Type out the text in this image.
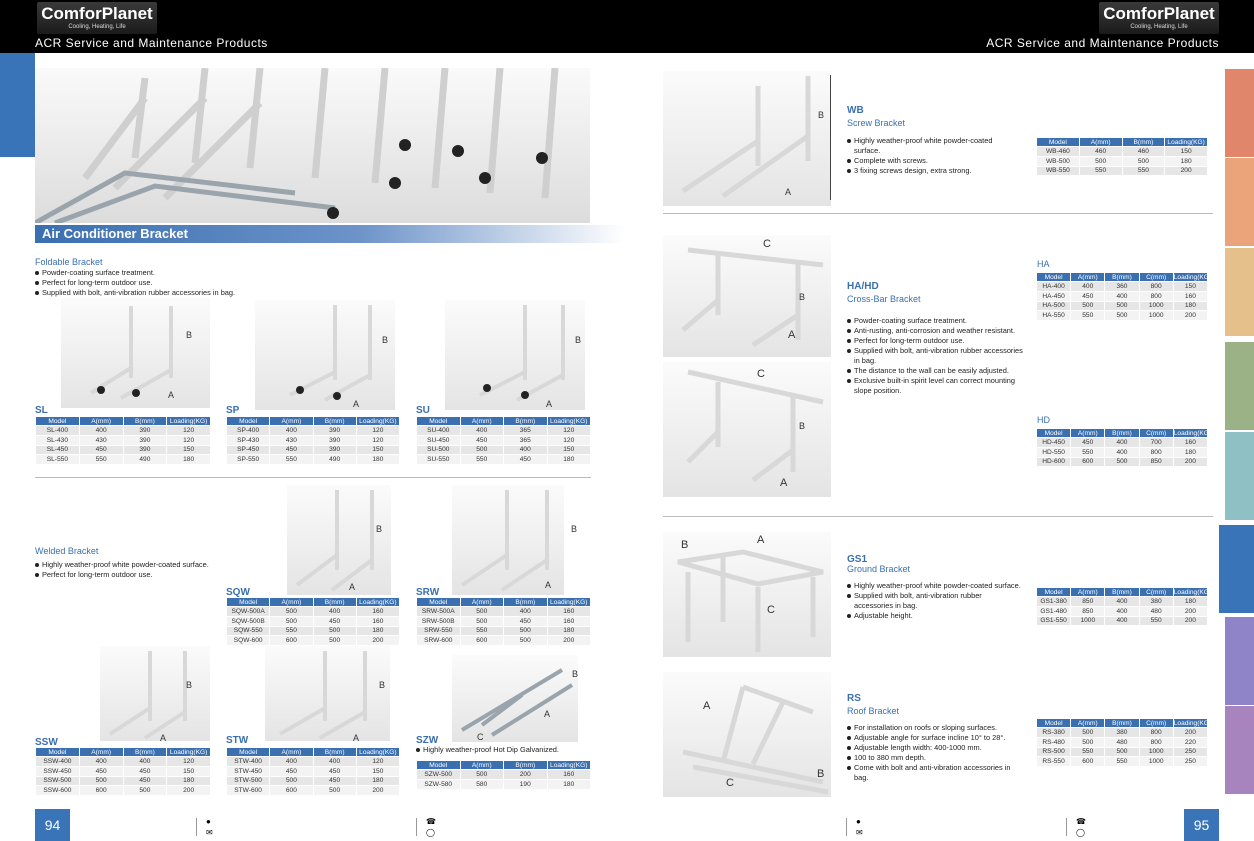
ComforPlanet
Cooling, Heating, Life
ComforPlanet
Cooling, Heating, Life
ACR Service and Maintenance Products	ACR Service and Maintenance Products
Air Conditioner Bracket
Foldable Bracket
Powder-coating surface treatment.
Perfect for long-term outdoor use.
Supplied with bolt, anti-vibration rubber accessories in bag.
B
A
SL
Model	A(mm)	B(mm)	Loading(KG)
SL-400	400	390	120
SL-430	430	390	120
SL-450	450	390	150
SL-550	550	490	180
B
A
SP
Model	A(mm)	B(mm)	Loading(KG)
SP-400	400	390	120
SP-430	430	390	120
SP-450	450	390	150
SP-550	550	490	180
B
A
SU
Model	A(mm)	B(mm)	Loading(KG)
SU-400	400	365	120
SU-450	450	365	120
SU-500	500	400	150
SU-550	550	450	180
Welded Bracket
Highly weather-proof white powder-coated surface.
Perfect for long-term outdoor use.
B
A
SQW
Model	A(mm)	B(mm)	Loading(KG)
SQW-500A	500	400	160
SQW-500B	500	450	160
SQW-550	550	500	180
SQW-600	600	500	200
B
A
SRW
Model	A(mm)	B(mm)	Loading(KG)
SRW-500A	500	400	160
SRW-500B	500	450	160
SRW-550	550	500	180
SRW-600	600	500	200
B
A
SSW
Model	A(mm)	B(mm)	Loading(KG)
SSW-400	400	400	120
SSW-450	450	450	150
SSW-500	500	450	180
SSW-600	600	500	200
B
A
STW
Model	A(mm)	B(mm)	Loading(KG)
STW-400	400	400	120
STW-450	450	450	150
STW-500	500	450	180
STW-600	600	500	200
B
A
C
SZW
Highly weather-proof Hot Dip Galvanized.
Model	A(mm)	B(mm)	Loading(KG)
SZW-500	500	200	160
SZW-580	580	190	180
94	●
✉
☎
◯
B
A
WB
Screw Bracket
Highly weather-proof white powder-coated surface.
Complete with screws.
3 fixing screws design, extra strong.
Model	A(mm)	B(mm)	Loading(KG)
WB-460	460	460	150
WB-500	500	500	180
WB-550	550	550	200
C
B
A
C
B
A
HA/HD
Cross-Bar Bracket
Powder-coating surface treatment.
Anti-rusting, anti-corrosion and weather resistant.
Perfect for long-term outdoor use.
Supplied with bolt, anti-vibration rubber accessories in bag.
The distance to the wall can be easily adjusted.
Exclusive built-in spirit level can correct mounting slope position.
HA
Model	A(mm)	B(mm)	C(mm)	Loading(KG)
HA-400	400	360	800	150
HA-450	450	400	800	160
HA-500	500	500	1000	180
HA-550	550	500	1000	200
HD
Model	A(mm)	B(mm)	C(mm)	Loading(KG)
HD-450	450	400	700	160
HD-550	550	400	800	180
HD-600	600	500	850	200
B	A
C
GS1
Ground Bracket
Highly weather-proof white powder-coated surface.
Supplied with bolt, anti-vibration rubber accessories in bag.
Adjustable height.
Model	A(mm)	B(mm)	C(mm)	Loading(KG)
GS1-380	850	400	380	180
GS1-480	850	400	480	200
GS1-550	1000	400	550	200
A
B
C
RS
Roof Bracket
For installation on roofs or sloping surfaces.
Adjustable angle for surface incline 10° to 28°.
Adjustable length width: 400-1000 mm.
100 to 380 mm depth.
Come with bolt and anti-vibration accessories in bag.
Model	A(mm)	B(mm)	C(mm)	Loading(KG)
RS-380	500	380	800	200
RS-480	500	480	800	220
RS-500	550	500	1000	250
RS-550	600	550	1000	250
●
✉
☎
◯	95
